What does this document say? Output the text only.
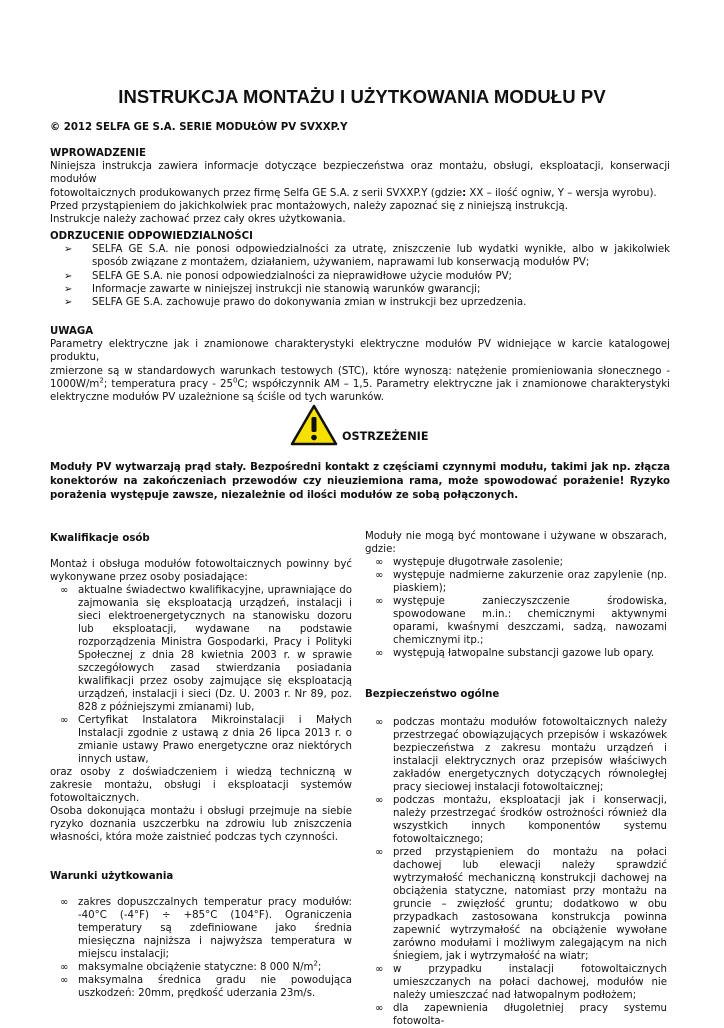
INSTRUKCJA MONTAŻU I UŻYTKOWANIA MODUŁU PV

© 2012 SELFA GE S.A. SERIE MODUŁÓW PV SVXXP.Y

WPROWADZENIE

Niniejsza instrukcja zawiera informacje dotyczące bezpieczeństwa oraz montażu, obsługi, eksploatacji, konserwacji modułów

fotowoltaicznych produkowanych przez firmę Selfa GE S.A. z serii SVXXP.Y (gdzie: XX – ilość ogniw, Y – wersja wyrobu).

Przed przystąpieniem do jakichkolwiek prac montażowych, należy zapoznać się z niniejszą instrukcją.

Instrukcje należy zachować przez cały okres użytkowania.

ODRZUCENIE ODPOWIEDZIALNOŚCI

➢ SELFA GE S.A. nie ponosi odpowiedzialności za utratę, zniszczenie lub wydatki wynikłe, albo w jakikolwiek sposób związane z montażem, działaniem, używaniem, naprawami lub konserwacją modułów PV;
➢ SELFA GE S.A. nie ponosi odpowiedzialności za nieprawidłowe użycie modułów PV;
➢ Informacje zawarte w niniejszej instrukcji nie stanowią warunków gwarancji;
➢ SELFA GE S.A. zachowuje prawo do dokonywania zmian w instrukcji bez uprzedzenia.

UWAGA

Parametry elektryczne jak i znamionowe charakterystyki elektryczne modułów PV widniejące w karcie katalogowej produktu,

zmierzone są w standardowych warunkach testowych (STC), które wynoszą: natężenie promieniowania słonecznego -

$1000W/m^2$; temperatura pracy - $25^0C$; współczynnik AM – 1,5. Parametry elektryczne jak i znamionowe charakterystyki

elektryczne modułów PV uzależnione są ściśle od tych warunków.

OSTRZEŻENIE

Moduły PV wytwarzają prąd stały. Bezpośredni kontakt z częściami czynnymi modułu, takimi jak np. złącza konektorów na zakończeniach przewodów czy nieuziemiona rama, może spowodować porażenie! Ryzyko porażenia występuje zawsze, niezależnie od ilości modułów ze sobą połączonych.

Kwalifikacje osób

Montaż i obsługa modułów fotowoltaicznych powinny być wykonywane przez osoby posiadające:

∞ aktualne świadectwo kwalifikacyjne, uprawniające do zajmowania się eksploatacją urządzeń, instalacji i sieci elektroenergetycznych na stanowisku dozoru lub eksploatacji, wydawane na podstawie rozporządzenia Ministra Gospodarki, Pracy i Polityki Społecznej z dnia 28 kwietnia 2003 r. w sprawie szczegółowych zasad stwierdzania posiadania kwalifikacji przez osoby zajmujące się eksploatacją urządzeń, instalacji i sieci (Dz. U. 2003 r. Nr 89, poz. 828 z późniejszymi zmianami) lub,
∞ Certyfikat Instalatora Mikroinstalacji i Małych Instalacji zgodnie z ustawą z dnia 26 lipca 2013 r. o zmianie ustawy Prawo energetyczne oraz niektórych innych ustaw,

oraz osoby z doświadczeniem i wiedzą techniczną w zakresie montażu, obsługi i eksploatacji systemów fotowoltaicznych.

Osoba dokonująca montażu i obsługi przejmuje na siebie ryzyko doznania uszczerbku na zdrowiu lub zniszczenia własności, która może zaistnieć podczas tych czynności.

Warunki użytkowania

∞ zakres dopuszczalnych temperatur pracy modułów: -40°C (-4°F) ÷ +85°C (104°F). Ograniczenia temperatury są zdefiniowane jako średnia miesięczna najniższa i najwyższa temperatura w miejscu instalacji;
∞ maksymalne obciążenie statyczne: 8 000 $N/m^2$;
∞ maksymalna średnica gradu nie powodująca uszkodzeń: 20mm, prędkość uderzania 23m/s.

Moduły nie mogą być montowane i używane w obszarach, gdzie:

∞ występuje długotrwałe zasolenie;
∞ występuje nadmierne zakurzenie oraz zapylenie (np. piaskiem);
∞ występuje zanieczyszczenie środowiska, spowodowane m.in.: chemicznymi aktywnymi oparami, kwaśnymi deszczami, sadzą, nawozami chemicznymi itp.;
∞ występują łatwopalne substancji gazowe lub opary.

Bezpieczeństwo ogólne

∞ podczas montażu modułów fotowoltaicznych należy przestrzegać obowiązujących przepisów i wskazówek bezpieczeństwa z zakresu montażu urządzeń i instalacji elektrycznych oraz przepisów właściwych zakładów energetycznych dotyczących równoległej pracy sieciowej instalacji fotowoltaicznej;
∞ podczas montażu, eksploatacji jak i konserwacji, należy przestrzegać środków ostrożności również dla wszystkich innych komponentów systemu fotowoltaicznego;
∞ przed przystąpieniem do montażu na połaci dachowej lub elewacji należy sprawdzić wytrzymałość mechaniczną konstrukcji dachowej na obciążenia statyczne, natomiast przy montażu na gruncie – zwięzłość gruntu; dodatkowo w obu przypadkach zastosowana konstrukcja powinna zapewnić wytrzymałość na obciążenie wywołane zarówno modułami i możliwym zalegającym na nich śniegiem, jak i wytrzymałość na wiatr;
∞ w przypadku instalacji fotowoltaicznych umieszczanych na połaci dachowej, modułów nie należy umieszczać nad łatwopalnym podłożem;
∞ dla zapewnienia długoletniej pracy systemu fotowolta-
